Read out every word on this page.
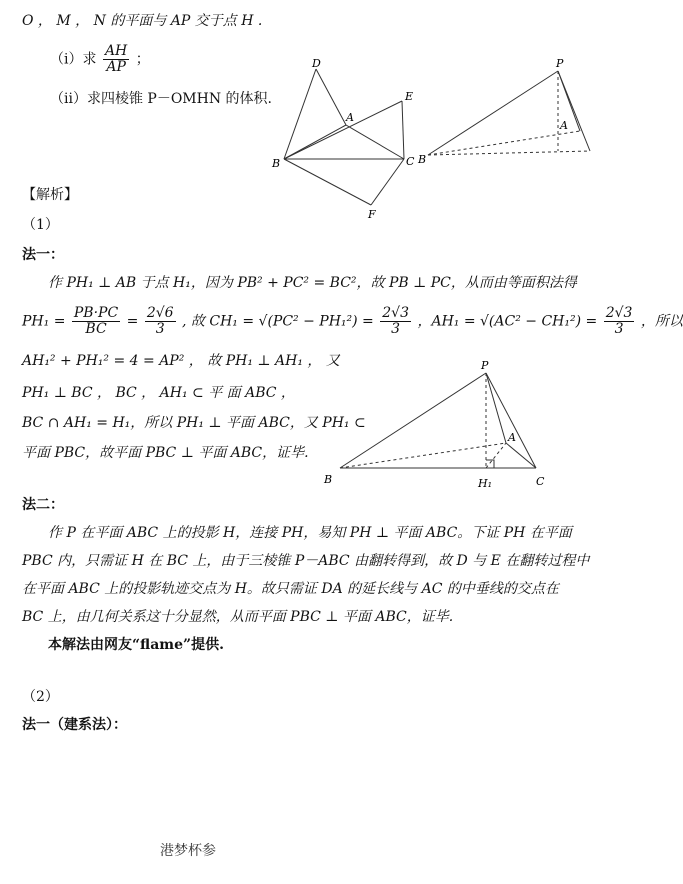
O ， M ， N 的平面与 AP 交于点 H .
（i）求 $\frac{AH}{AP}$ ；
（ii）求四棱锥 P－OMHN 的体积.
D
E
A
B	C
F
P
A
B
【解析】
（1）
法一：
作 PH₁ ⊥ AB 于点 H₁，因为 PB² + PC² = BC²，故 PB ⊥ PC，从而由等面积法得
$PH_1 = \frac{PB\cdot PC}{BC} = \frac{2√6}{3}$ , 故 $CH_1 = √(PC^2 - PH_1^2) = \frac{2√3}{3}$ ，$AH_1 = √(AC^2 - CH_1^2) = \frac{2√3}{3}$ ，所以
AH₁² + PH₁² = 4 = AP² ， 故 PH₁ ⊥ AH₁ ， 又
PH₁ ⊥ BC ， BC ， AH₁ ⊂ 平 面 ABC ，
BC ∩ AH₁ = H₁，所以 PH₁ ⊥ 平面 ABC，又 PH₁ ⊂
平面 PBC，故平面 PBC ⊥ 平面 ABC，证毕.
P
A
B	H₁	C
法二：
作 P 在平面 ABC 上的投影 H，连接 PH，易知 PH ⊥ 平面 ABC。下证 PH 在平面
PBC 内，只需证 H 在 BC 上，由于三棱锥 P－ABC 由翻转得到，故 D 与 E 在翻转过程中
在平面 ABC 上的投影轨迹交点为 H。故只需证 DA 的延长线与 AC 的中垂线的交点在
BC 上，由几何关系这十分显然，从而平面 PBC ⊥ 平面 ABC，证毕.
本解法由网友“flame”提供.
（2）
法一（建系法）：
港梦杯参
